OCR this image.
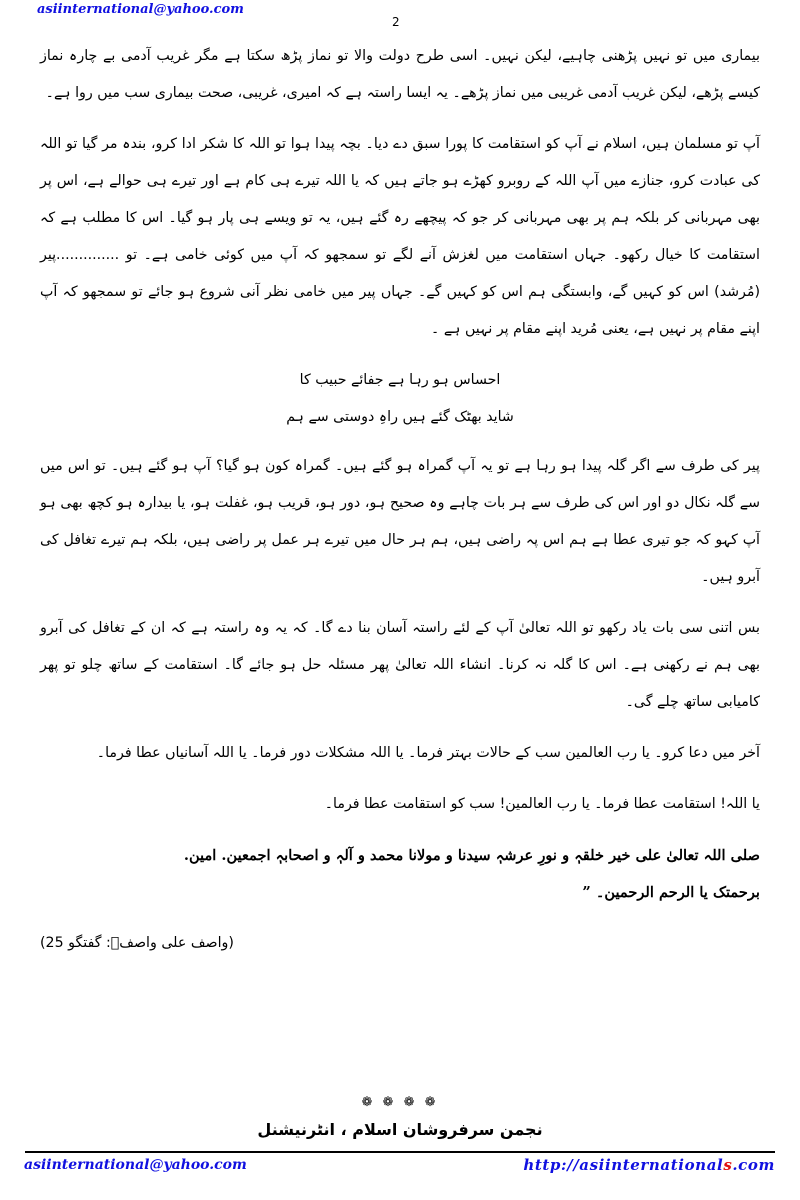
asiinternational@yahoo.com
2

بیماری میں تو نہیں پڑھنی چاہیے، لیکن نہیں۔ اسی طرح دولت والا تو نماز پڑھ سکتا ہے مگر غریب آدمی بے چارہ نماز کیسے پڑھے، لیکن غریب آدمی غریبی میں نماز پڑھے۔ یہ ایسا راستہ ہے کہ امیری، غریبی، صحت بیماری سب میں روا ہے۔

آپ تو مسلمان ہیں، اسلام نے آپ کو استقامت کا پورا سبق دے دیا۔ بچہ پیدا ہوا تو اللہ کا شکر ادا کرو، بندہ مر گیا تو اللہ کی عبادت کرو، جنازے میں آپ اللہ کے روبرو کھڑے ہو جاتے ہیں کہ یا اللہ تیرے ہی کام ہے اور تیرے ہی حوالے ہے، اس پر بھی مہربانی کر بلکہ ہم پر بھی مہربانی کر جو کہ پیچھے رہ گئے ہیں، یہ تو ویسے ہی پار ہو گیا۔ اس کا مطلب ہے کہ استقامت کا خیال رکھو۔ جہاں استقامت میں لغزش آنے لگے تو سمجھو کہ آپ میں کوئی خامی ہے۔ تو ..............پیر (مُرشد) اس کو کہیں گے، وابستگی ہم اس کو کہیں گے۔ جہاں پیر میں خامی نظر آنی شروع ہو جائے تو سمجھو کہ آپ اپنے مقام پر نہیں ہے، یعنی مُرید اپنے مقام پر نہیں ہے ۔

احساس ہو رہا ہے جفائے حبیب کا

شاید بھٹک گئے ہیں راہِ دوستی سے ہم

پیر کی طرف سے اگر گلہ پیدا ہو رہا ہے تو یہ آپ گمراہ ہو گئے ہیں۔ گمراہ کون ہو گیا؟ آپ ہو گئے ہیں۔ تو اس میں سے گلہ نکال دو اور اس کی طرف سے ہر بات چاہے وہ صحیح ہو، دور ہو، قریب ہو، غفلت ہو، یا بیدارہ ہو کچھ بھی ہو آپ کہو کہ جو تیری عطا ہے ہم اس پہ راضی ہیں، ہم ہر حال میں تیرے ہر عمل پر راضی ہیں، بلکہ ہم تیرے تغافل کی آبرو ہیں۔

بس اتنی سی بات یاد رکھو تو اللہ تعالیٰ آپ کے لئے راستہ آسان بنا دے گا۔ کہ یہ وہ راستہ ہے کہ ان کے تغافل کی آبرو بھی ہم نے رکھنی ہے۔ اس کا گلہ نہ کرنا۔ انشاء اللہ تعالیٰ پھر مسئلہ حل ہو جائے گا۔ استقامت کے ساتھ چلو تو پھر کامیابی ساتھ چلے گی۔

آخر میں دعا کرو۔ یا رب العالمین سب کے حالات بہتر فرما۔ یا اللہ مشکلات دور فرما۔ یا اللہ آسانیاں عطا فرما۔

یا اللہ! استقامت عطا فرما۔ یا رب العالمین! سب کو استقامت عطا فرما۔

صلی اللہ تعالیٰ علی خیر خلقہٖ و نورِ عرشہٖ سیدنا و مولانا محمد و آلہٖ و اصحابہٖ اجمعین. امین.

برحمتک یا الرحم الرحمین۔ ”

(واصف علی واصفؒ: گفتگو 25)

❁ ❁ ❁ ❁
نجمن سرفروشان اسلام ، انٹرنیشنل
asiinternational@yahoo.com	http://asiinternationals.com
